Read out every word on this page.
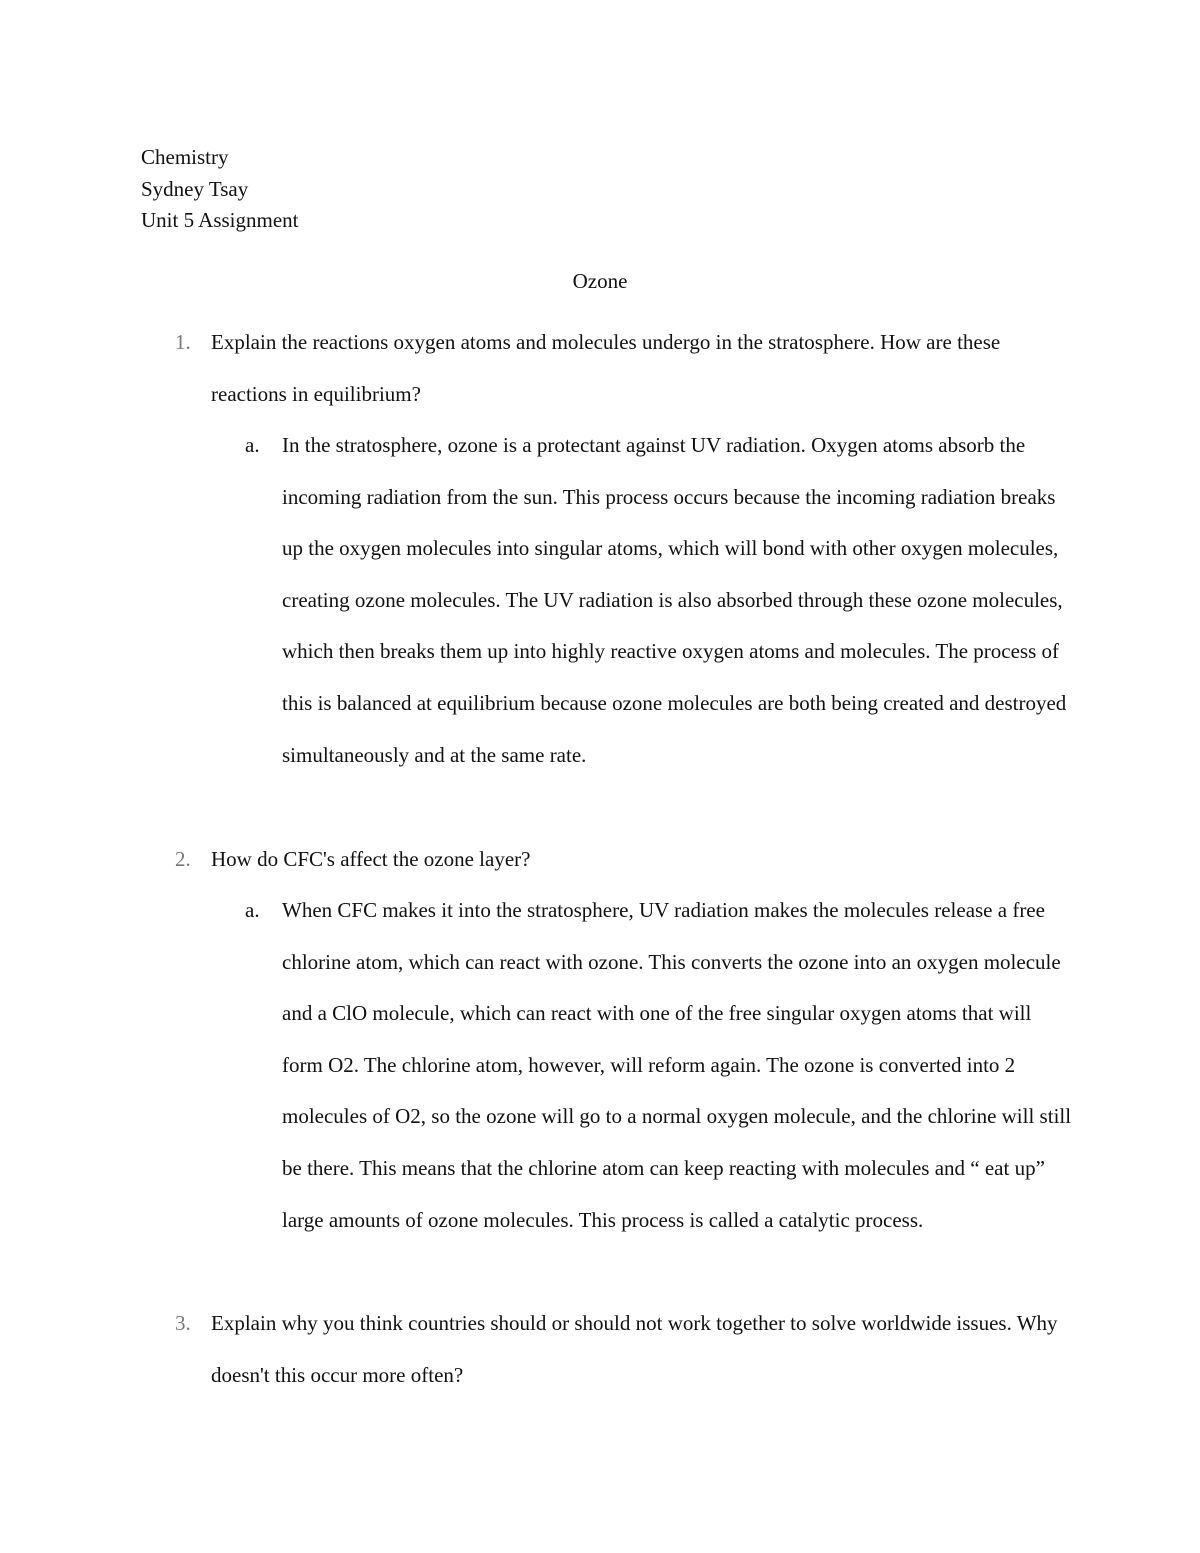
Chemistry
Sydney Tsay
Unit 5 Assignment
Ozone
1. Explain the reactions oxygen atoms and molecules undergo in the stratosphere. How are these reactions in equilibrium?
a. In the stratosphere, ozone is a protectant against UV radiation. Oxygen atoms absorb the incoming radiation from the sun. This process occurs because the incoming radiation breaks up the oxygen molecules into singular atoms, which will bond with other oxygen molecules, creating ozone molecules. The UV radiation is also absorbed through these ozone molecules, which then breaks them up into highly reactive oxygen atoms and molecules. The process of this is balanced at equilibrium because ozone molecules are both being created and destroyed simultaneously and at the same rate.
2. How do CFC's affect the ozone layer?
a. When CFC makes it into the stratosphere, UV radiation makes the molecules release a free chlorine atom, which can react with ozone. This converts the ozone into an oxygen molecule and a ClO molecule, which can react with one of the free singular oxygen atoms that will form O2. The chlorine atom, however, will reform again. The ozone is converted into 2 molecules of O2, so the ozone will go to a normal oxygen molecule, and the chlorine will still be there. This means that the chlorine atom can keep reacting with molecules and “ eat up” large amounts of ozone molecules. This process is called a catalytic process.
3. Explain why you think countries should or should not work together to solve worldwide issues. Why doesn't this occur more often?
